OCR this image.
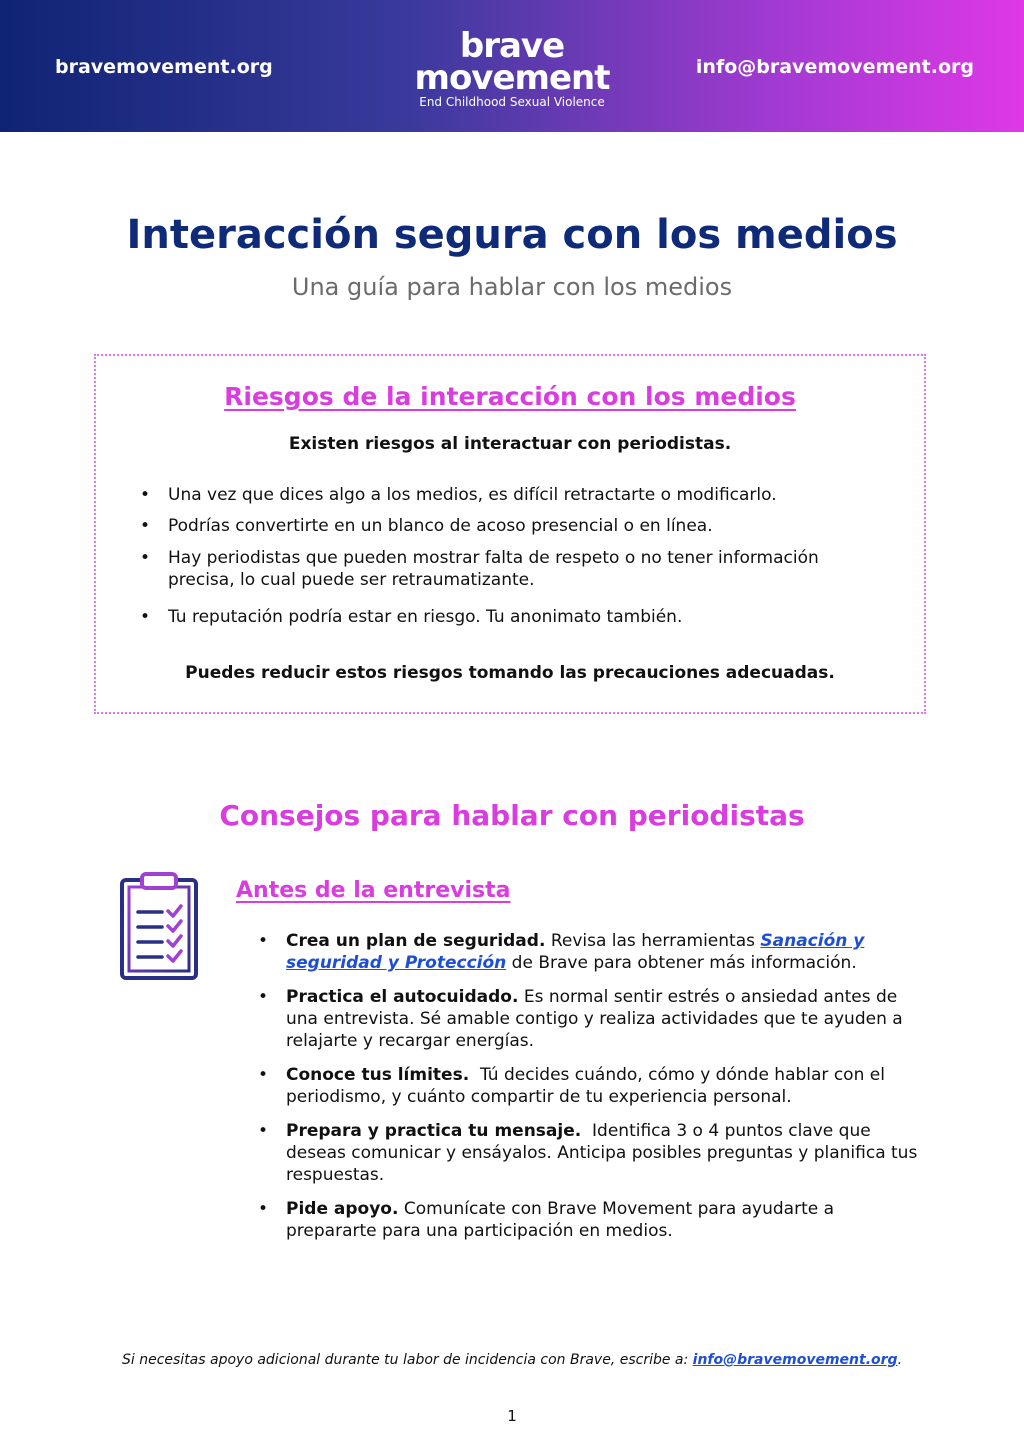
bravemovement.org
brave
movement
End Childhood Sexual Violence
info@bravemovement.org
Interacción segura con los medios

Una guía para hablar con los medios

Riesgos de la interacción con los medios

Existen riesgos al interactuar con periodistas.

• Una vez que dices algo a los medios, es difícil retractarte o modificarlo.
• Podrías convertirte en un blanco de acoso presencial o en línea.
• Hay periodistas que pueden mostrar falta de respeto o no tener información precisa, lo cual puede ser retraumatizante.
• Tu reputación podría estar en riesgo. Tu anonimato también.

Puedes reducir estos riesgos tomando las precauciones adecuadas.

Consejos para hablar con periodistas
Antes de la entrevista
• Crea un plan de seguridad. Revisa las herramientas Sanación y seguridad y Protección de Brave para obtener más información.
• Practica el autocuidado. Es normal sentir estrés o ansiedad antes de una entrevista. Sé amable contigo y realiza actividades que te ayuden a relajarte y recargar energías.
• Conoce tus límites.  Tú decides cuándo, cómo y dónde hablar con el periodismo, y cuánto compartir de tu experiencia personal.
• Prepara y practica tu mensaje.  Identifica 3 o 4 puntos clave que deseas comunicar y ensáyalos. Anticipa posibles preguntas y planifica tus respuestas.
• Pide apoyo. Comunícate con Brave Movement para ayudarte a prepararte para una participación en medios.

Si necesitas apoyo adicional durante tu labor de incidencia con Brave, escribe a: info@bravemovement.org.

1
